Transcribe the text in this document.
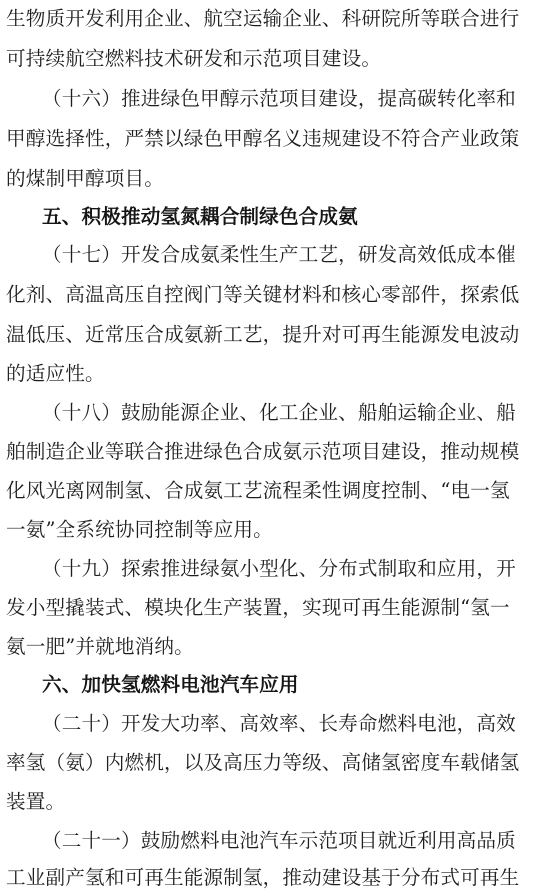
生物质开发利用企业、航空运输企业、科研院所等联合进行
可持续航空燃料技术研发和示范项目建设。
（十六）推进绿色甲醇示范项目建设，提高碳转化率和
甲醇选择性，严禁以绿色甲醇名义违规建设不符合产业政策
的煤制甲醇项目。
五、积极推动氢氮耦合制绿色合成氨
（十七）开发合成氨柔性生产工艺，研发高效低成本催
化剂、高温高压自控阀门等关键材料和核心零部件，探索低
温低压、近常压合成氨新工艺，提升对可再生能源发电波动
的适应性。
（十八）鼓励能源企业、化工企业、船舶运输企业、船
舶制造企业等联合推进绿色合成氨示范项目建设，推动规模
化风光离网制氢、合成氨工艺流程柔性调度控制、“电一氢
一氨”全系统协同控制等应用。
（十九）探索推进绿氨小型化、分布式制取和应用，开
发小型撬装式、模块化生产装置，实现可再生能源制“氢一
氨一肥”并就地消纳。
六、加快氢燃料电池汽车应用
（二十）开发大功率、高效率、长寿命燃料电池，高效
率氢（氨）内燃机，以及高压力等级、高储氢密度车载储氢
装置。
（二十一）鼓励燃料电池汽车示范项目就近利用高品质
工业副产氢和可再生能源制氢，推动建设基于分布式可再生
